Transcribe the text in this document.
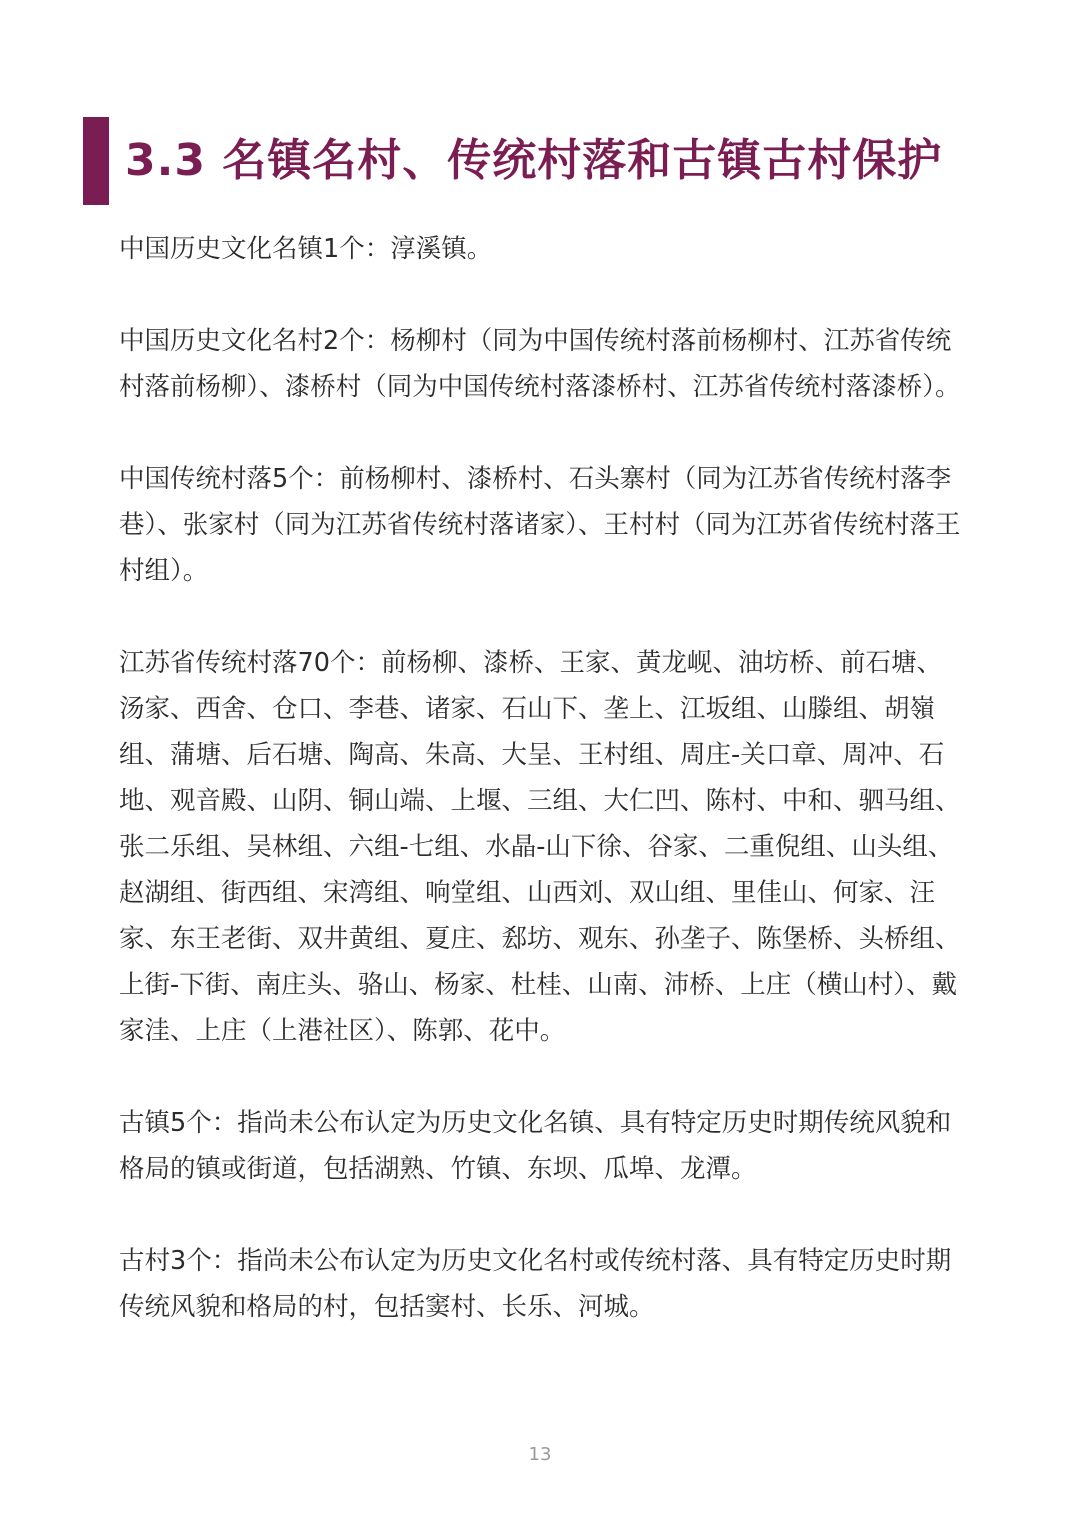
3.3 名镇名村、传统村落和古镇古村保护

中国历史文化名镇1个：淳溪镇。

中国历史文化名村2个：杨柳村（同为中国传统村落前杨柳村、江苏省传统村落前杨柳）、漆桥村（同为中国传统村落漆桥村、江苏省传统村落漆桥）。

中国传统村落5个：前杨柳村、漆桥村、石头寨村（同为江苏省传统村落李巷）、张家村（同为江苏省传统村落诸家）、王村村（同为江苏省传统村落王村组）。

江苏省传统村落70个：前杨柳、漆桥、王家、黄龙岘、油坊桥、前石塘、汤家、西舍、仓口、李巷、诸家、石山下、垄上、江坂组、山滕组、胡嶺组、蒲塘、后石塘、陶高、朱高、大呈、王村组、周庄-关口章、周冲、石地、观音殿、山阴、铜山端、上堰、三组、大仁凹、陈村、中和、驷马组、张二乐组、吴林组、六组-七组、水晶-山下徐、谷家、二重倪组、山头组、赵湖组、街西组、宋湾组、响堂组、山西刘、双山组、里佳山、何家、汪家、东王老街、双井黄组、夏庄、郄坊、观东、孙垄子、陈堡桥、头桥组、上街-下街、南庄头、骆山、杨家、杜桂、山南、沛桥、上庄（横山村）、戴家洼、上庄（上港社区）、陈郭、花中。

古镇5个：指尚未公布认定为历史文化名镇、具有特定历史时期传统风貌和格局的镇或街道，包括湖熟、竹镇、东坝、瓜埠、龙潭。

古村3个：指尚未公布认定为历史文化名村或传统村落、具有特定历史时期传统风貌和格局的村，包括窦村、长乐、河城。

13
